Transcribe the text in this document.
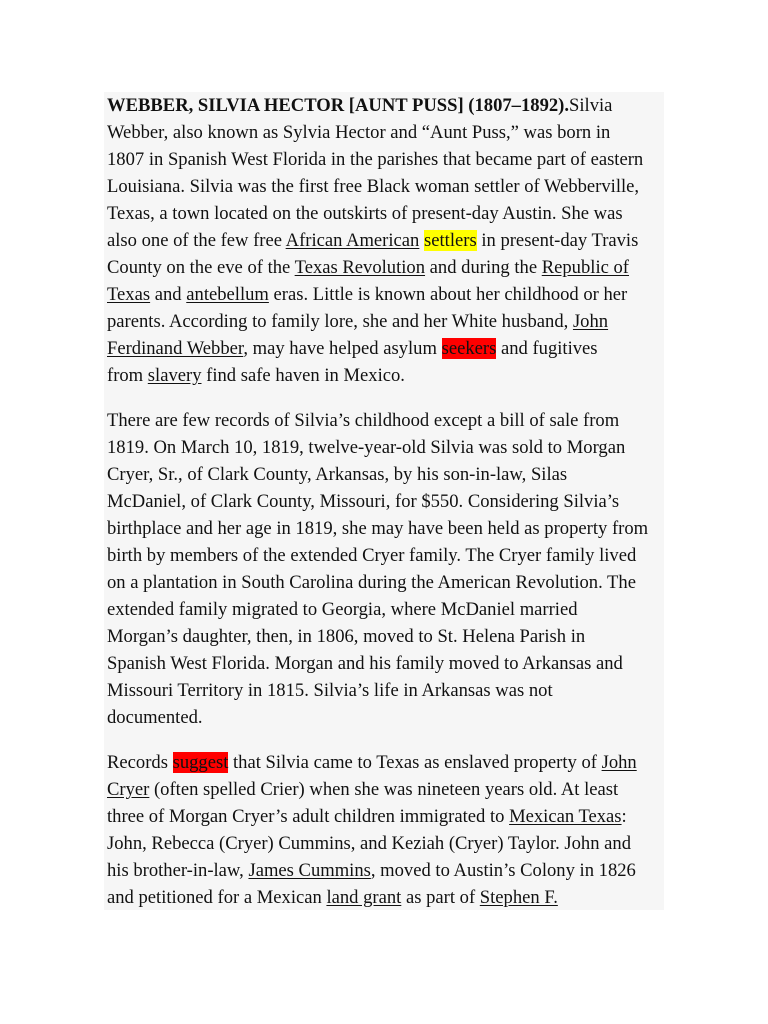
WEBBER, SILVIA HECTOR [AUNT PUSS] (1807–1892).Silvia
Webber, also known as Sylvia Hector and “Aunt Puss,” was born in
1807 in Spanish West Florida in the parishes that became part of eastern
Louisiana. Silvia was the first free Black woman settler of Webberville,
Texas, a town located on the outskirts of present-day Austin. She was
also one of the few free African American settlers in present-day Travis
County on the eve of the Texas Revolution and during the Republic of
Texas and antebellum eras. Little is known about her childhood or her
parents. According to family lore, she and her White husband, John
Ferdinand Webber, may have helped asylum seekers and fugitives
from slavery find safe haven in Mexico.

There are few records of Silvia’s childhood except a bill of sale from
1819. On March 10, 1819, twelve-year-old Silvia was sold to Morgan
Cryer, Sr., of Clark County, Arkansas, by his son-in-law, Silas
McDaniel, of Clark County, Missouri, for $550. Considering Silvia’s
birthplace and her age in 1819, she may have been held as property from
birth by members of the extended Cryer family. The Cryer family lived
on a plantation in South Carolina during the American Revolution. The
extended family migrated to Georgia, where McDaniel married
Morgan’s daughter, then, in 1806, moved to St. Helena Parish in
Spanish West Florida. Morgan and his family moved to Arkansas and
Missouri Territory in 1815. Silvia’s life in Arkansas was not
documented.

Records suggest that Silvia came to Texas as enslaved property of John
Cryer (often spelled Crier) when she was nineteen years old. At least
three of Morgan Cryer’s adult children immigrated to Mexican Texas:
John, Rebecca (Cryer) Cummins, and Keziah (Cryer) Taylor. John and
his brother-in-law, James Cummins, moved to Austin’s Colony in 1826
and petitioned for a Mexican land grant as part of Stephen F.
